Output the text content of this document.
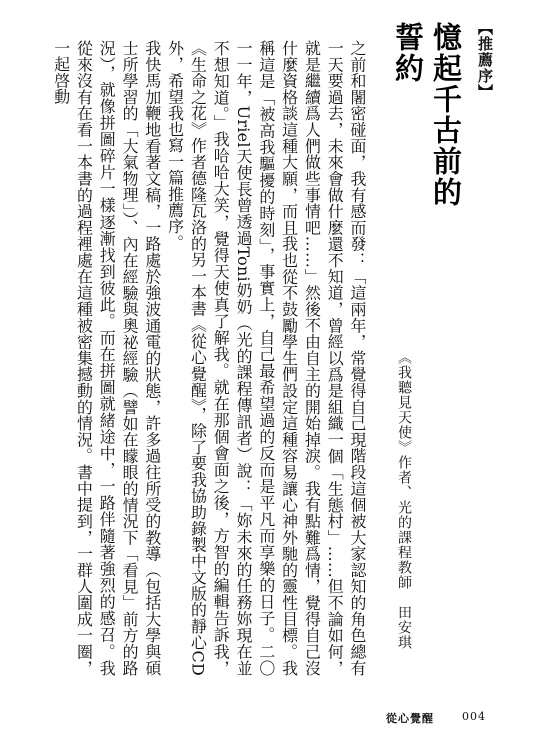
【推薦序】
憶起千古前的誓約
《我聽見天使》作者、光的課程教師　田安琪

之前和闍密碰面，我有感而發：「這兩年，常覺得自己現階段這個被大家認知的角色總有一天要過去，未來會做什麼還不知道，曾經以爲是組織一個「生態村」……但不論如何，就是繼續爲人們做些事情吧……」然後不由自主的開始掉淚。我有點難爲情，覺得自己沒什麼資格談這種大願，而且我也從不鼓勵學生們設定這種容易讓心神外馳的靈性目標。我稱這是「被高我驅擾的時刻」，事實上，自己最希望過的反而是平凡而享樂的日子。二〇一一年，Uriel天使長曾透過Toni奶奶（光的課程傳訊者）說：「妳未來的任務妳現在並不想知道。」我哈哈大笑，覺得天使真了解我。就在那個會面之後，方智的編輯告訴我，《生命之花》作者德隆瓦洛的另一本書《從心覺醒》，除了要我協助錄製中文版的靜心CD外，希望我也寫一篇推薦序。

我快馬加鞭地看著文稿，一路處於強波通電的狀態，許多過往所受的教導（包括大學與碩士所學習的「大氣物理」）、內在經驗與奧祕經驗（譬如在矇眼的情況下「看見」前方的路況），就像拼圖碎片一樣逐漸找到彼此。而在拼圖就緒途中，一路伴隨著強烈的感召。我從來沒有在看一本書的過程裡處在這種被密集撼動的情況。書中提到，一群人圍成一圈，一起啓動

從心覺醒	004
